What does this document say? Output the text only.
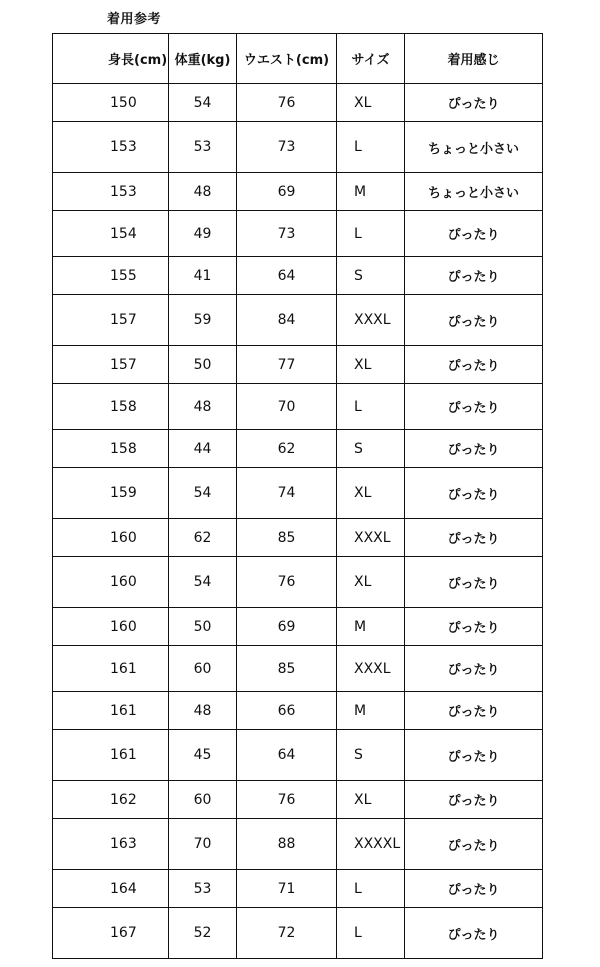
着用参考
身長(cm)	体重(kg)	ウエスト(cm)	サイズ	着用感じ
150	54	76	XL	ぴったり
153	53	73	L	ちょっと小さい
153	48	69	M	ちょっと小さい
154	49	73	L	ぴったり
155	41	64	S	ぴったり
157	59	84	XXXL	ぴったり
157	50	77	XL	ぴったり
158	48	70	L	ぴったり
158	44	62	S	ぴったり
159	54	74	XL	ぴったり
160	62	85	XXXL	ぴったり
160	54	76	XL	ぴったり
160	50	69	M	ぴったり
161	60	85	XXXL	ぴったり
161	48	66	M	ぴったり
161	45	64	S	ぴったり
162	60	76	XL	ぴったり
163	70	88	XXXXL	ぴったり
164	53	71	L	ぴったり
167	52	72	L	ぴったり
